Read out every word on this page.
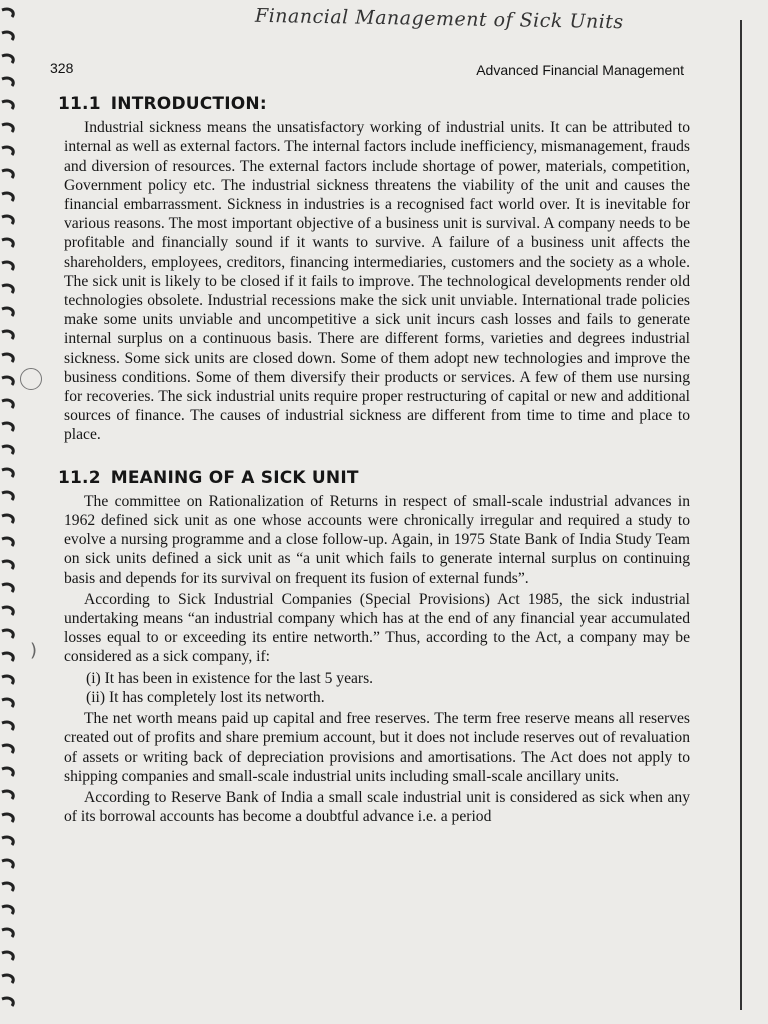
Financial Management of Sick Units
328	Advanced Financial Management
)
11.1 INTRODUCTION:

Industrial sickness means the unsatisfactory working of industrial units. It can be attributed to internal as well as external factors. The internal factors include inefficiency, mismanagement, frauds and diversion of resources. The external factors include shortage of power, materials, competition, Government policy etc. The industrial sickness threatens the viability of the unit and causes the financial embarrassment. Sickness in industries is a recognised fact world over. It is inevitable for various reasons. The most important objective of a business unit is survival. A company needs to be profitable and financially sound if it wants to survive. A failure of a business unit affects the shareholders, employees, creditors, financing intermediaries, customers and the society as a whole. The sick unit is likely to be closed if it fails to improve. The technological developments render old technologies obsolete. Industrial recessions make the sick unit unviable. International trade policies make some units unviable and uncompetitive a sick unit incurs cash losses and fails to generate internal surplus on a continuous basis. There are different forms, varieties and degrees industrial sickness. Some sick units are closed down. Some of them adopt new technologies and improve the business conditions. Some of them diversify their products or services. A few of them use nursing for recoveries. The sick industrial units require proper restructuring of capital or new and additional sources of finance. The causes of industrial sickness are different from time to time and place to place.

11.2 MEANING OF A SICK UNIT

The committee on Rationalization of Returns in respect of small-scale industrial advances in 1962 defined sick unit as one whose accounts were chronically irregular and required a study to evolve a nursing programme and a close follow-up. Again, in 1975 State Bank of India Study Team on sick units defined a sick unit as “a unit which fails to generate internal surplus on continuing basis and depends for its survival on frequent its fusion of external funds”.

According to Sick Industrial Companies (Special Provisions) Act 1985, the sick industrial undertaking means “an industrial company which has at the end of any financial year accumulated losses equal to or exceeding its entire networth.” Thus, according to the Act, a company may be considered as a sick company, if:

(i) It has been in existence for the last 5 years.
(ii) It has completely lost its networth.

The net worth means paid up capital and free reserves. The term free reserve means all reserves created out of profits and share premium account, but it does not include reserves out of revaluation of assets or writing back of depreciation provisions and amortisations. The Act does not apply to shipping companies and small-scale industrial units including small-scale ancillary units.

According to Reserve Bank of India a small scale industrial unit is considered as sick when any of its borrowal accounts has become a doubtful advance i.e. a period
